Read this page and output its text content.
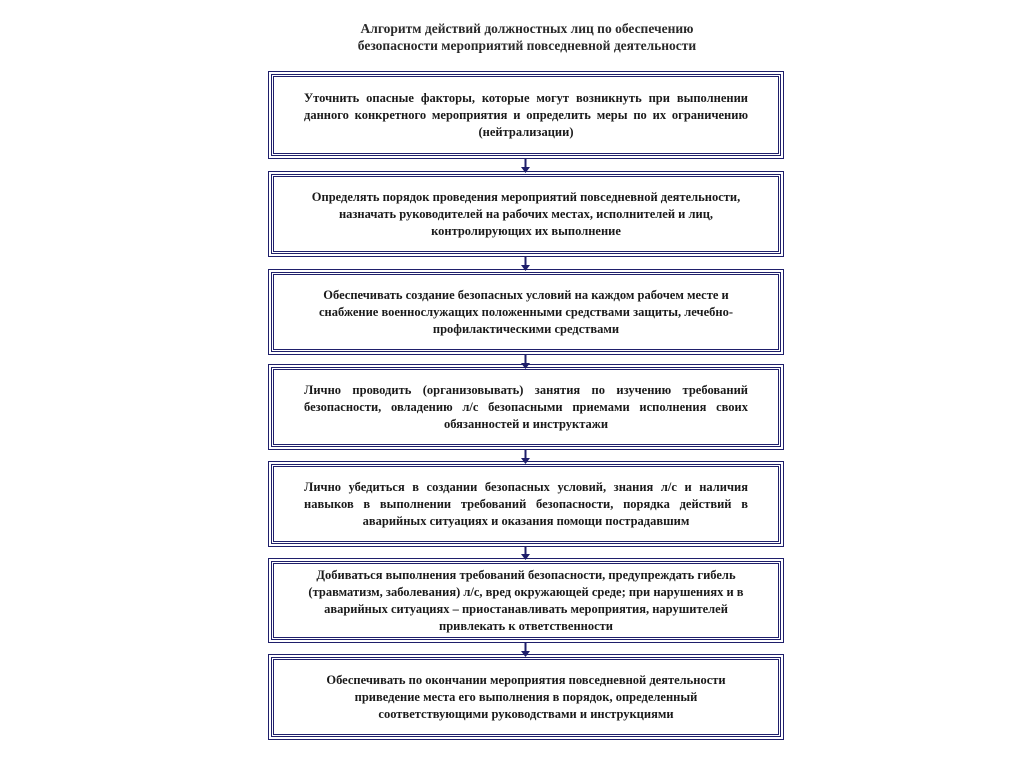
Алгоритм действий должностных лиц по обеспечению
безопасности мероприятий повседневной деятельности
Уточнить опасные факторы, которые могут возникнуть при выполнении данного конкретного мероприятия и определить меры по их ограничению (нейтрализации)
Определять порядок проведения мероприятий повседневной деятельности, назначать руководителей на рабочих местах, исполнителей и лиц, контролирующих их выполнение
Обеспечивать создание безопасных условий на каждом рабочем месте и снабжение военнослужащих положенными средствами защиты, лечебно-профилактическими средствами
Лично проводить (организовывать) занятия по изучению требований безопасности, овладению л/с безопасными приемами исполнения своих обязанностей и инструктажи
Лично убедиться в создании безопасных условий, знания л/с и наличия навыков в выполнении требований безопасности, порядка действий в аварийных ситуациях и оказания помощи пострадавшим
Добиваться выполнения требований безопасности, предупреждать гибель (травматизм, заболевания) л/с, вред окружающей среде; при нарушениях и в аварийных ситуациях – приостанавливать мероприятия, нарушителей привлекать к ответственности
Обеспечивать по окончании мероприятия повседневной деятельности приведение места его выполнения в порядок, определенный соответствующими руководствами и инструкциями
